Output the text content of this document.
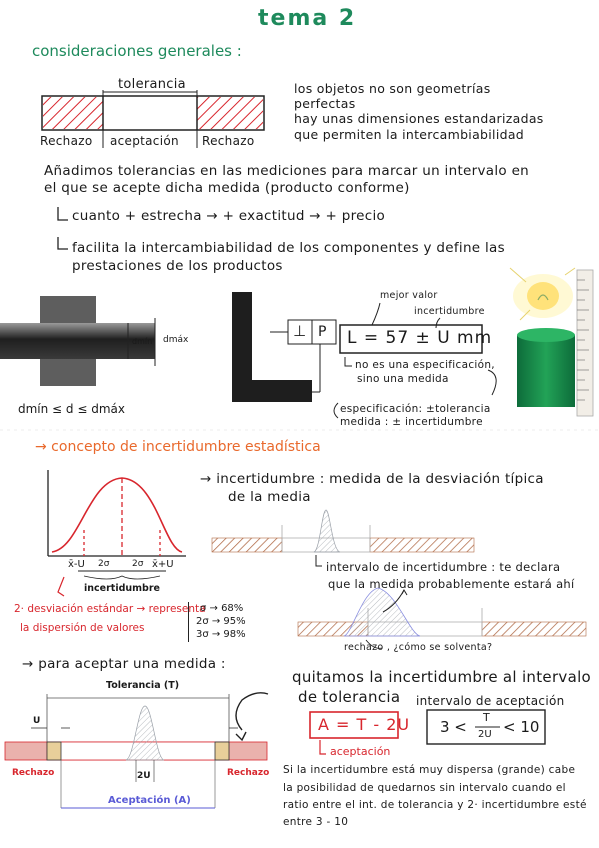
tema 2
consideraciones generales :
tolerancia
Rechazo aceptación Rechazo
los objetos no son geometrías
perfectas
hay unas dimensiones estandarizadas
que permiten la intercambiabilidad
Añadimos tolerancias en las mediciones para marcar un intervalo en
el que se acepte dicha medida (producto conforme)
cuanto + estrecha → + exactitud → + precio
facilita la intercambiabilidad de los componentes y define las
prestaciones de los productos
dmín dmáx
dmín ≤ d ≤ dmáx
⊥ P
mejor valor
incertidumbre
L = 57 ± U mm
no es una especificación,
sino una medida
especificación: ±tolerancia
medida : ± incertidumbre
→ concepto de incertidumbre estadística
x̄-U 2σ	2σ x̄+U
incertidumbre
→ incertidumbre : medida de la desviación típica
de la media
intervalo de incertidumbre : te declara
que la medida probablemente estará ahí
2· desviación estándar → representa
la dispersión de valores
σ → 68%
2σ → 95%
3σ → 98%
rechazo , ¿cómo se solventa?
→ para aceptar una medida :
Tolerancia (T)
U
2U
Rechazo	Rechazo
Aceptación (A)
quitamos la incertidumbre al intervalo
de tolerancia intervalo de aceptación
A = T - 2U
aceptación
3 <
T
2U < 10
Si la incertidumbre está muy dispersa (grande) cabe
la posibilidad de quedarnos sin intervalo cuando el
ratio entre el int. de tolerancia y 2· incertidumbre esté
entre 3 - 10
